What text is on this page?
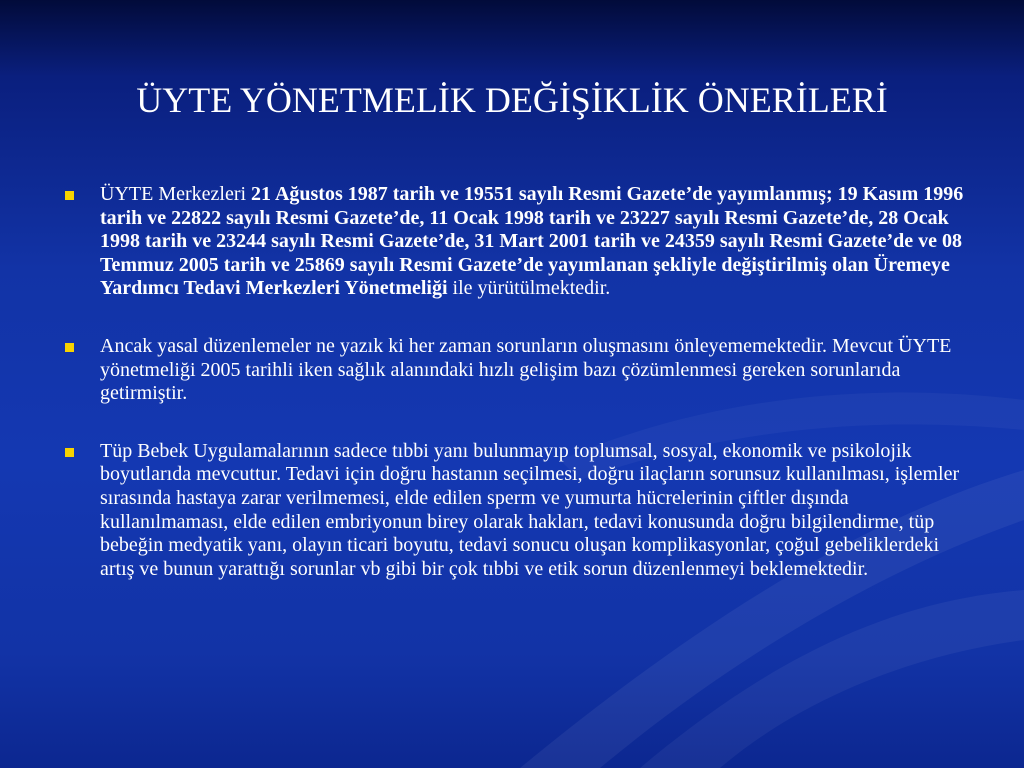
ÜYTE YÖNETMELİK DEĞİŞİKLİK ÖNERİLERİ
ÜYTE Merkezleri 21 Ağustos 1987 tarih ve 19551 sayılı Resmi Gazete’de yayımlanmış; 19 Kasım 1996 tarih ve 22822 sayılı Resmi Gazete’de, 11 Ocak 1998 tarih ve 23227 sayılı Resmi Gazete’de, 28 Ocak 1998 tarih ve 23244 sayılı Resmi Gazete’de, 31 Mart 2001 tarih ve 24359 sayılı Resmi Gazete’de ve 08 Temmuz 2005 tarih ve 25869 sayılı Resmi Gazete’de yayımlanan şekliyle değiştirilmiş olan Üremeye Yardımcı Tedavi Merkezleri Yönetmeliği ile yürütülmektedir.
Ancak yasal düzenlemeler ne yazık ki her zaman sorunların oluşmasını önleyememektedir. Mevcut ÜYTE yönetmeliği 2005 tarihli iken sağlık alanındaki hızlı gelişim bazı çözümlenmesi gereken sorunlarıda getirmiştir.
Tüp Bebek Uygulamalarının sadece tıbbi yanı bulunmayıp toplumsal, sosyal, ekonomik ve psikolojik boyutlarıda mevcuttur. Tedavi için doğru hastanın seçilmesi, doğru ilaçların sorunsuz kullanılması, işlemler sırasında hastaya zarar verilmemesi, elde edilen sperm ve yumurta hücrelerinin çiftler dışında kullanılmaması, elde edilen embriyonun birey olarak hakları, tedavi konusunda doğru bilgilendirme, tüp bebeğin medyatik yanı, olayın ticari boyutu, tedavi sonucu oluşan komplikasyonlar, çoğul gebeliklerdeki artış ve bunun yarattığı sorunlar vb gibi bir çok tıbbi ve etik sorun düzenlenmeyi beklemektedir.
